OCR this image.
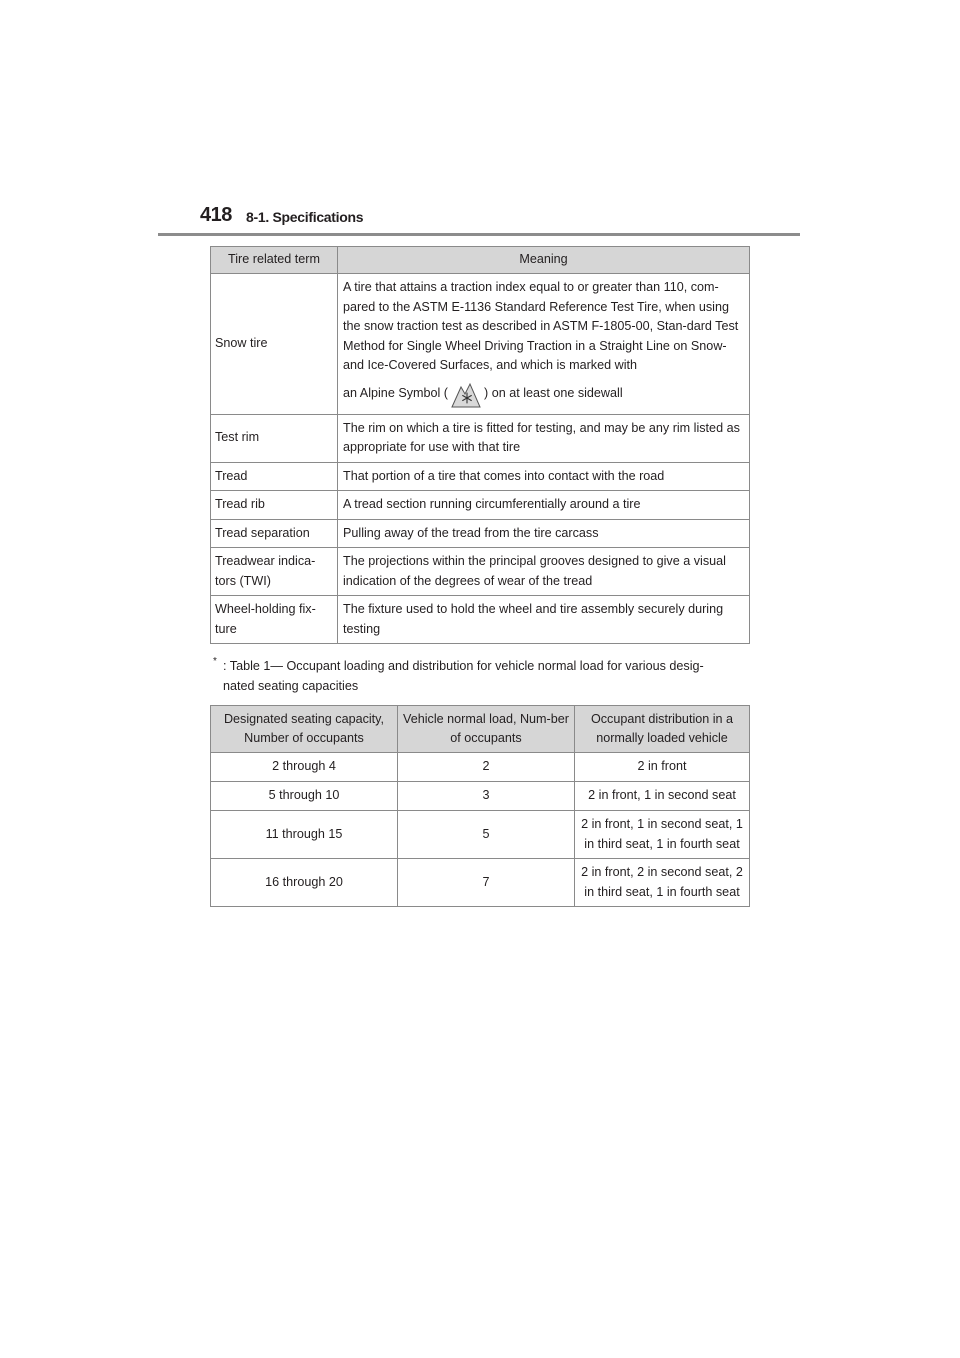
418 8-1. Specifications
Tire related term	Meaning
Snow tire	A tire that attains a traction index equal to or greater than 110, com-pared to the ASTM E-1136 Standard Reference Test Tire, when using the snow traction test as described in ASTM F-1805-00, Stan-dard Test Method for Single Wheel Driving Traction in a Straight Line on Snow-and Ice-Covered Surfaces, and which is marked with
an Alpine Symbol ( ) on at least one sidewall

Test rim	The rim on which a tire is fitted for testing, and may be any rim listed as appropriate for use with that tire
Tread	That portion of a tire that comes into contact with the road
Tread rib	A tread section running circumferentially around a tire
Tread separation	Pulling away of the tread from the tire carcass
Treadwear indica-tors (TWI)	The projections within the principal grooves designed to give a visual indication of the degrees of wear of the tread
Wheel-holding fix-ture	The fixture used to hold the wheel and tire assembly securely during testing
* : Table 1— Occupant loading and distribution for vehicle normal load for various desig-
nated seating capacities
Designated seating capacity, Number of occupants	Vehicle normal load, Num-ber of occupants	Occupant distribution in a normally loaded vehicle
2 through 4	2	2 in front
5 through 10	3	2 in front, 1 in second seat
11 through 15	5	2 in front, 1 in second seat, 1 in third seat, 1 in fourth seat
16 through 20	7	2 in front, 2 in second seat, 2 in third seat, 1 in fourth seat
